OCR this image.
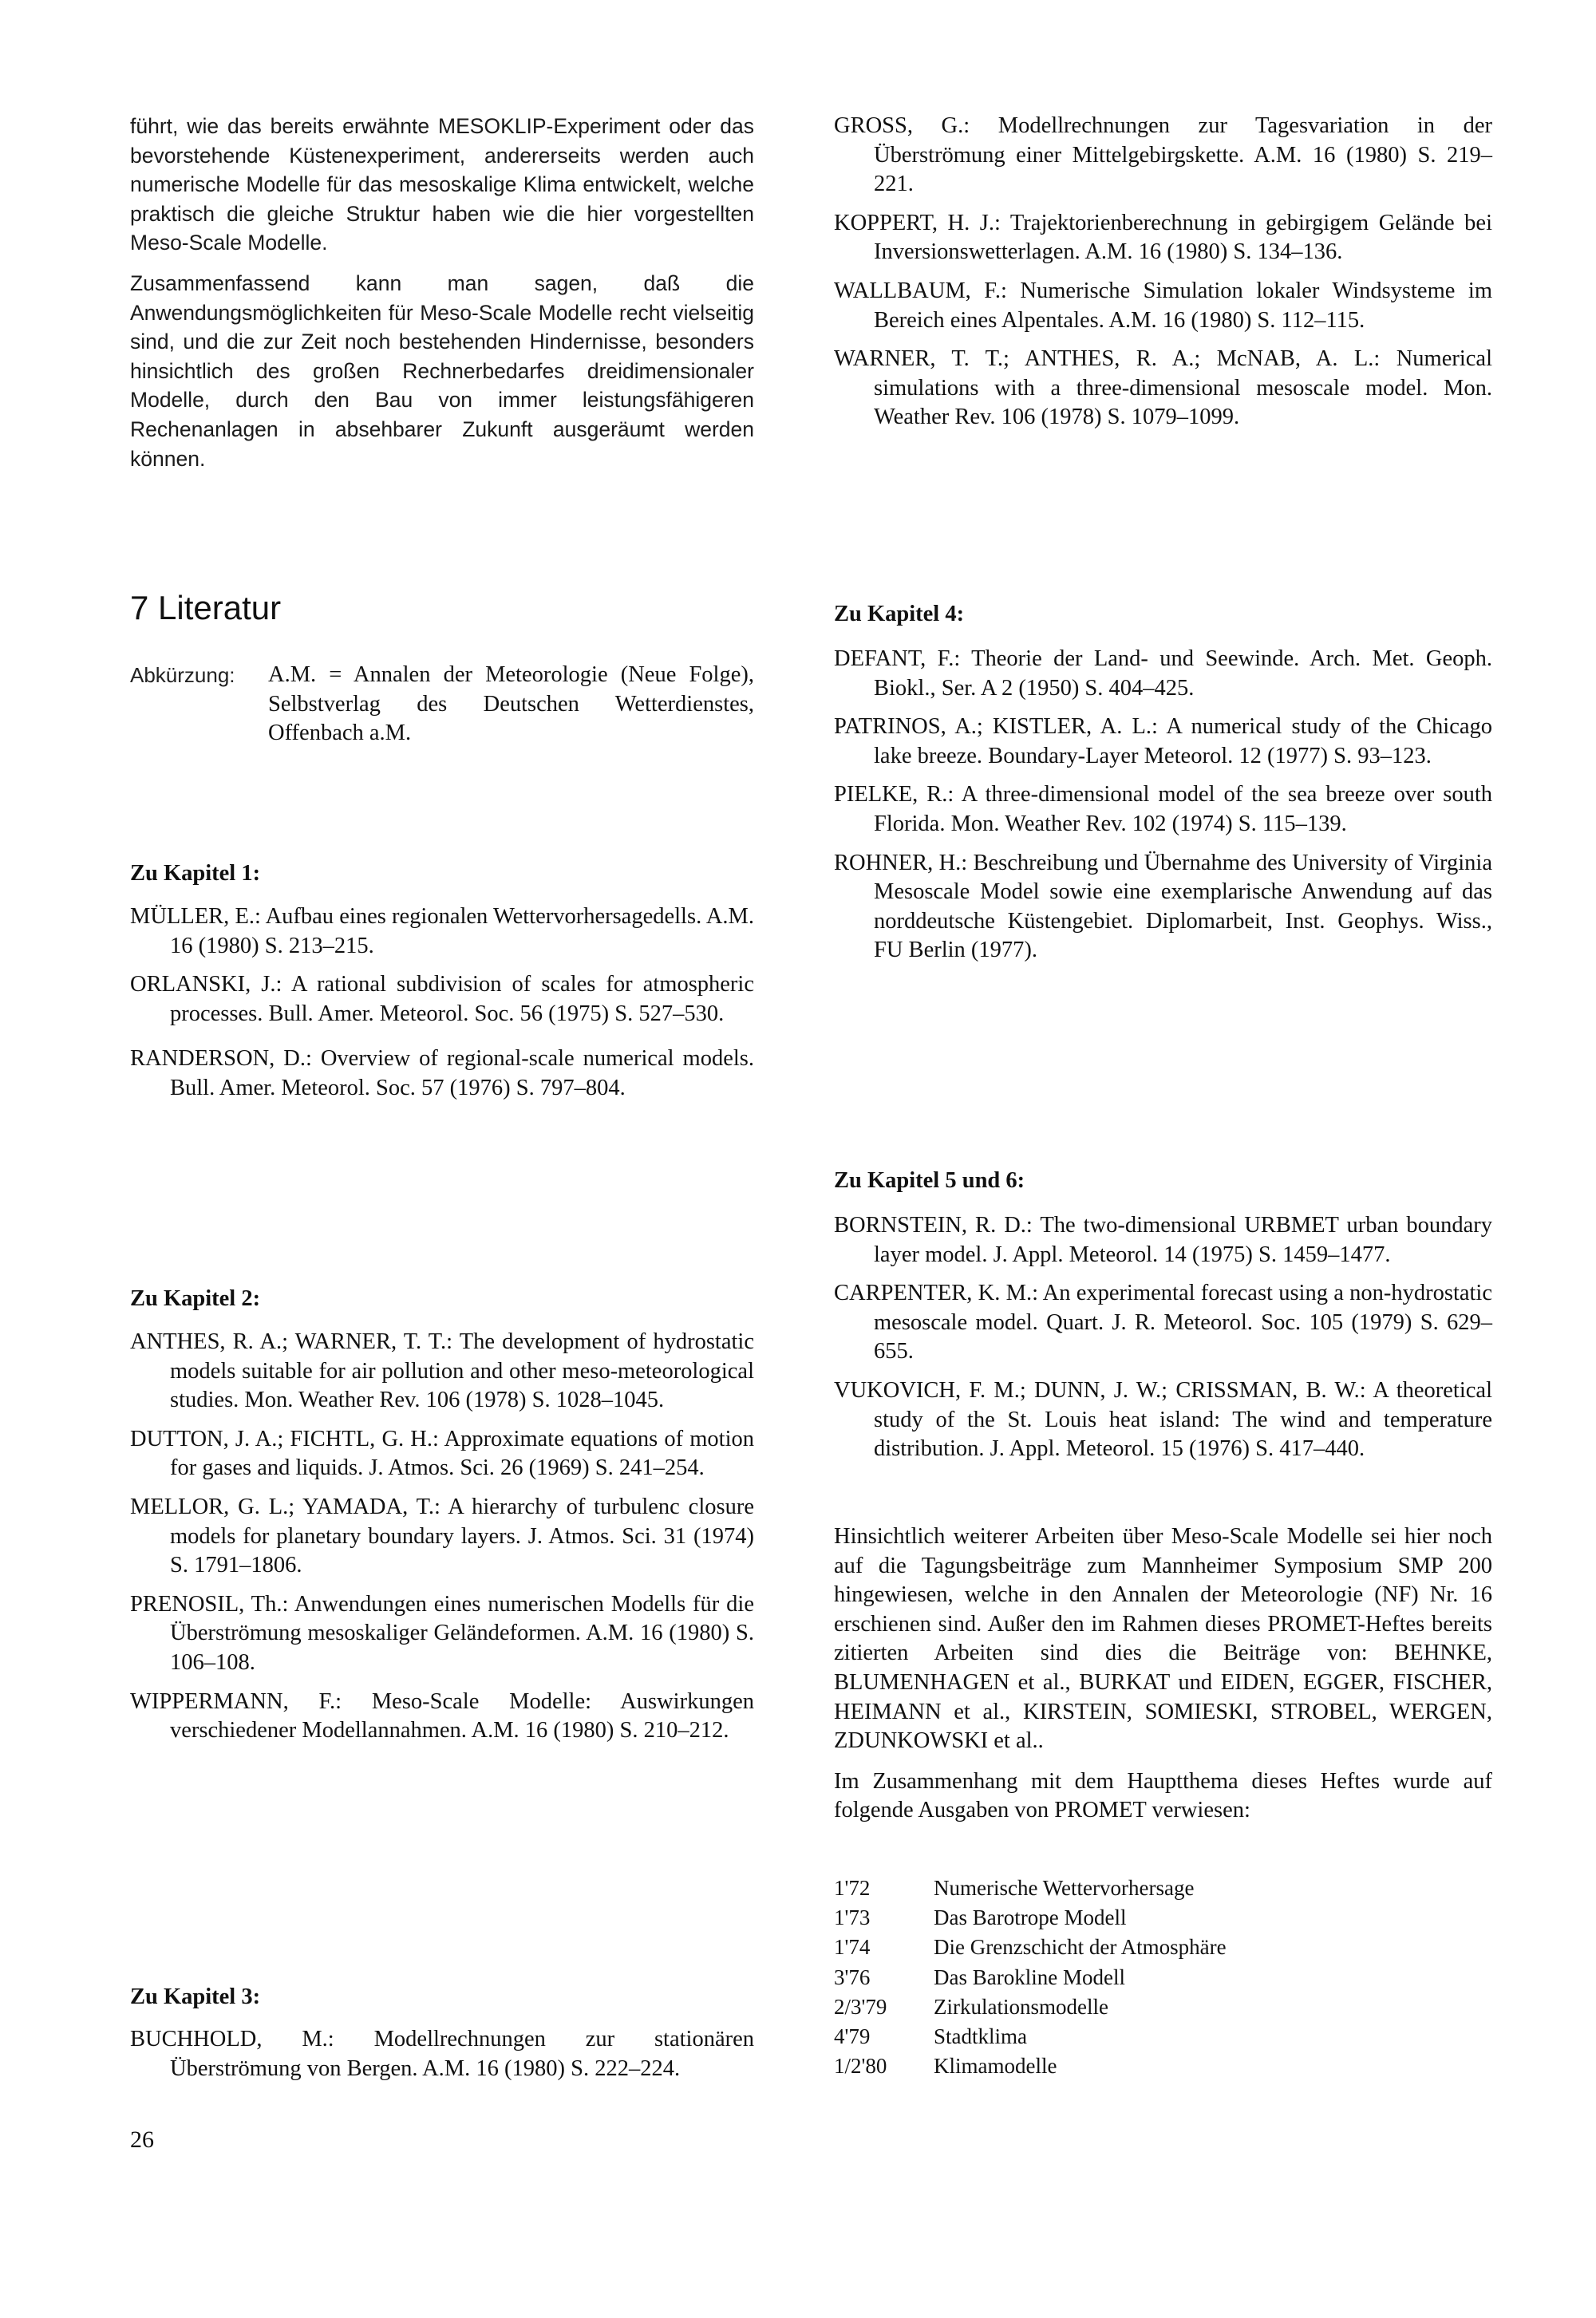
führt, wie das bereits erwähnte MESOKLIP-Experiment oder das bevorstehende Küstenexperiment, andererseits werden auch numerische Modelle für das mesoskalige Klima entwickelt, welche praktisch die gleiche Struktur haben wie die hier vorgestellten Meso-Scale Modelle.

Zusammenfassend kann man sagen, daß die Anwendungsmöglichkeiten für Meso-Scale Modelle recht vielseitig sind, und die zur Zeit noch bestehenden Hindernisse, besonders hinsichtlich des großen Rechnerbedarfes dreidimensionaler Modelle, durch den Bau von immer leistungsfähigeren Rechenanlagen in absehbarer Zukunft ausgeräumt werden können.

7 Literatur
Abkürzung:	A.M. = Annalen der Meteorologie (Neue Folge), Selbstverlag des Deutschen Wetterdienstes, Offenbach a.M.
Zu Kapitel 1:

MÜLLER, E.: Aufbau eines regionalen Wettervorhersagedells. A.M. 16 (1980) S. 213–215.

ORLANSKI, J.: A rational subdivision of scales for atmospheric processes. Bull. Amer. Meteorol. Soc. 56 (1975) S. 527–530.

RANDERSON, D.: Overview of regional-scale numerical models. Bull. Amer. Meteorol. Soc. 57 (1976) S. 797–804.

Zu Kapitel 2:

ANTHES, R. A.; WARNER, T. T.: The development of hydrostatic models suitable for air pollution and other meso-meteorological studies. Mon. Weather Rev. 106 (1978) S. 1028–1045.

DUTTON, J. A.; FICHTL, G. H.: Approximate equations of motion for gases and liquids. J. Atmos. Sci. 26 (1969) S. 241–254.

MELLOR, G. L.; YAMADA, T.: A hierarchy of turbulenc closure models for planetary boundary layers. J. Atmos. Sci. 31 (1974) S. 1791–1806.

PRENOSIL, Th.: Anwendungen eines numerischen Modells für die Überströmung mesoskaliger Geländeformen. A.M. 16 (1980) S. 106–108.

WIPPERMANN, F.: Meso-Scale Modelle: Auswirkungen verschiedener Modellannahmen. A.M. 16 (1980) S. 210–212.

Zu Kapitel 3:

BUCHHOLD, M.: Modellrechnungen zur stationären Überströmung von Bergen. A.M. 16 (1980) S. 222–224.

26

GROSS, G.: Modellrechnungen zur Tagesvariation in der Überströmung einer Mittelgebirgskette. A.M. 16 (1980) S. 219–221.

KOPPERT, H. J.: Trajektorienberechnung in gebirgigem Gelände bei Inversionswetterlagen. A.M. 16 (1980) S. 134–136.

WALLBAUM, F.: Numerische Simulation lokaler Windsysteme im Bereich eines Alpentales. A.M. 16 (1980) S. 112–115.

WARNER, T. T.; ANTHES, R. A.; McNAB, A. L.: Numerical simulations with a three-dimensional mesoscale model. Mon. Weather Rev. 106 (1978) S. 1079–1099.

Zu Kapitel 4:

DEFANT, F.: Theorie der Land- und Seewinde. Arch. Met. Geoph. Biokl., Ser. A 2 (1950) S. 404–425.

PATRINOS, A.; KISTLER, A. L.: A numerical study of the Chicago lake breeze. Boundary-Layer Meteorol. 12 (1977) S. 93–123.

PIELKE, R.: A three-dimensional model of the sea breeze over south Florida. Mon. Weather Rev. 102 (1974) S. 115–139.

ROHNER, H.: Beschreibung und Übernahme des University of Virginia Mesoscale Model sowie eine exemplarische Anwendung auf das norddeutsche Küstengebiet. Diplomarbeit, Inst. Geophys. Wiss., FU Berlin (1977).

Zu Kapitel 5 und 6:

BORNSTEIN, R. D.: The two-dimensional URBMET urban boundary layer model. J. Appl. Meteorol. 14 (1975) S. 1459–1477.

CARPENTER, K. M.: An experimental forecast using a non-hydrostatic mesoscale model. Quart. J. R. Meteorol. Soc. 105 (1979) S. 629–655.

VUKOVICH, F. M.; DUNN, J. W.; CRISSMAN, B. W.: A theoretical study of the St. Louis heat island: The wind and temperature distribution. J. Appl. Meteorol. 15 (1976) S. 417–440.

Hinsichtlich weiterer Arbeiten über Meso-Scale Modelle sei hier noch auf die Tagungsbeiträge zum Mannheimer Symposium SMP 200 hingewiesen, welche in den Annalen der Meteorologie (NF) Nr. 16 erschienen sind. Außer den im Rahmen dieses PROMET-Heftes bereits zitierten Arbeiten sind dies die Beiträge von: BEHNKE, BLUMENHAGEN et al., BURKAT und EIDEN, EGGER, FISCHER, HEIMANN et al., KIRSTEIN, SOMIESKI, STROBEL, WERGEN, ZDUNKOWSKI et al..

Im Zusammenhang mit dem Hauptthema dieses Heftes wurde auf folgende Ausgaben von PROMET verwiesen:

1'72	Numerische Wettervorhersage
1'73	Das Barotrope Modell
1'74	Die Grenzschicht der Atmosphäre
3'76	Das Barokline Modell
2/3'79	Zirkulationsmodelle
4'79	Stadtklima
1/2'80	Klimamodelle
